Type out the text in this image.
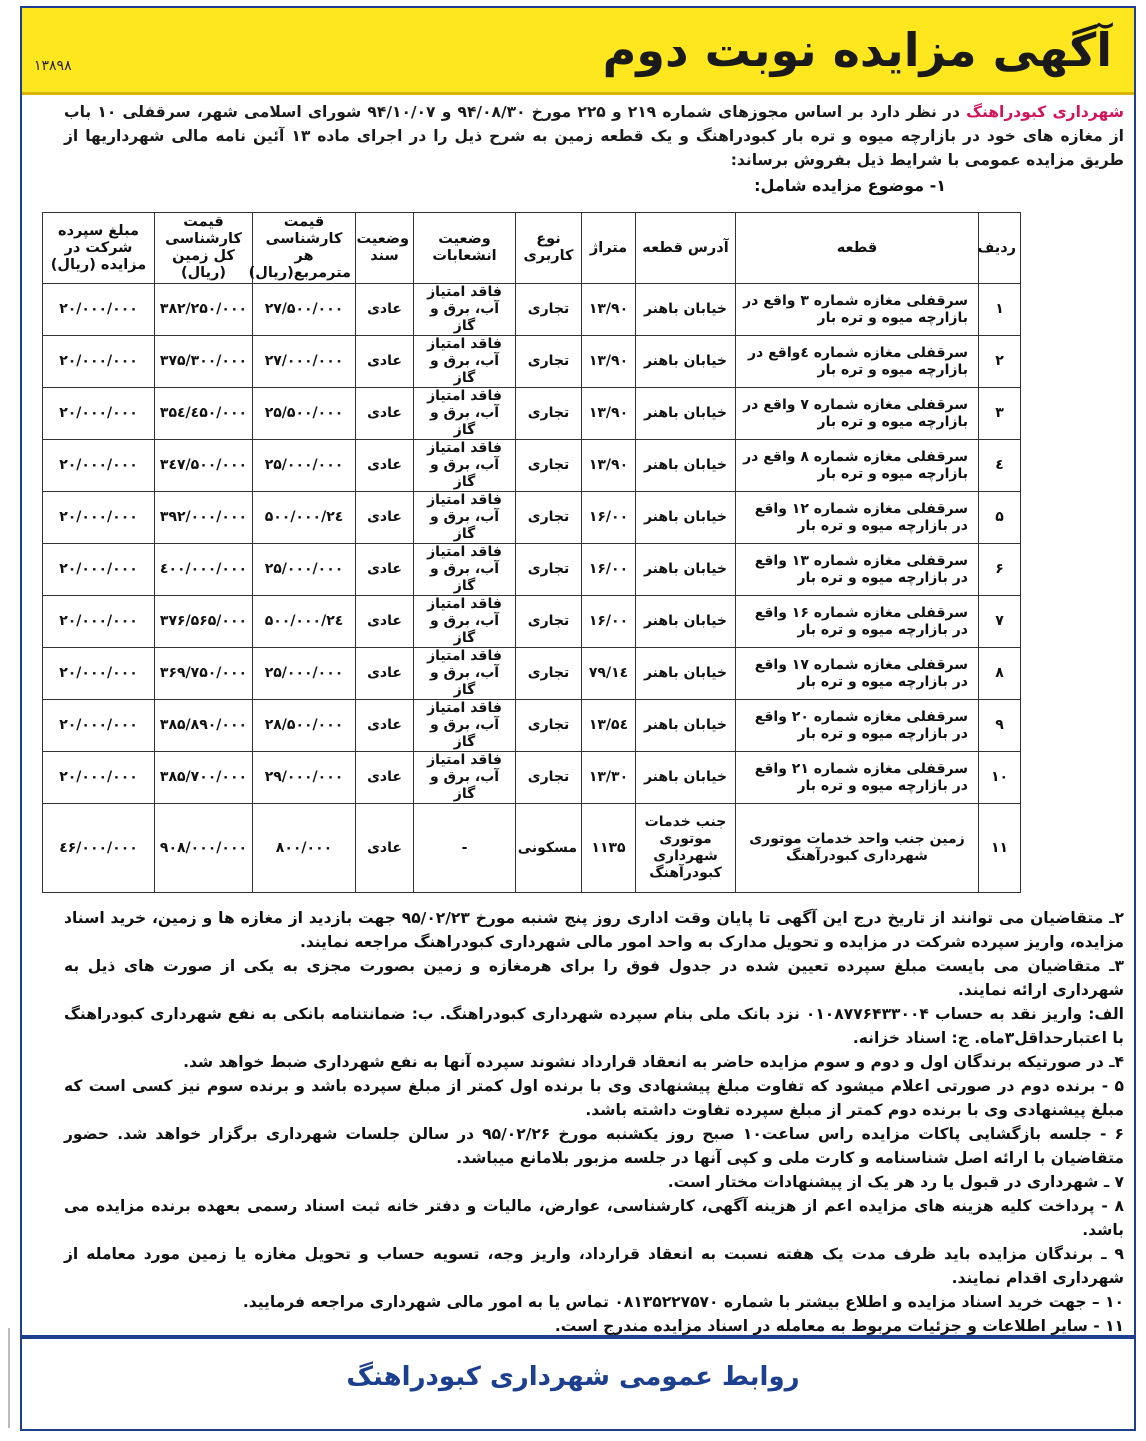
آگهی مزایده نوبت دوم
۱۳۸۹۸
شهرداری کبودراهنگ در نظر دارد بر اساس مجوزهای شماره ۲۱۹ و ۲۲۵ مورخ ۹۴/۰۸/۳۰ و ۹۴/۱۰/۰۷ شورای اسلامی شهر، سرقفلی ۱۰ باب از مغازه های خود در بازارچه میوه و تره بار کبودراهنگ و یک قطعه زمین به شرح ذیل را در اجرای ماده ۱۳ آئین نامه مالی شهرداریها از طریق مزایده عمومی با شرایط ذیل بفروش برساند:
۱- موضوع مزایده شامل:
ردیف	قطعه	آدرس قطعه	متراژ	نوع کاربری	وضعیت انشعابات	وضعیت سند	قیمت کارشناسی هر مترمربع(ریال)	قیمت کارشناسی کل زمین (ریال)	مبلغ سپرده شرکت در مزایده (ریال)
۱	سرقفلی مغازه شماره ۳ واقع در بازارچه میوه و تره بار	خیابان باهنر	۱۳/۹۰	تجاری	فاقد امتیاز آب، برق و گاز	عادی	۲۷/۵۰۰/۰۰۰	۳۸۲/۲۵۰/۰۰۰	۲۰/۰۰۰/۰۰۰
۲	سرقفلی مغازه شماره ٤واقع در بازارچه میوه و تره بار	خیابان باهنر	۱۳/۹۰	تجاری	فاقد امتیاز آب، برق و گاز	عادی	۲۷/۰۰۰/۰۰۰	۳۷۵/۳۰۰/۰۰۰	۲۰/۰۰۰/۰۰۰
۳	سرقفلی مغازه شماره ۷ واقع در بازارچه میوه و تره بار	خیابان باهنر	۱۳/۹۰	تجاری	فاقد امتیاز آب، برق و گاز	عادی	۲۵/۵۰۰/۰۰۰	۳۵٤/٤۵۰/۰۰۰	۲۰/۰۰۰/۰۰۰
٤	سرقفلی مغازه شماره ۸ واقع در بازارچه میوه و تره بار	خیابان باهنر	۱۳/۹۰	تجاری	فاقد امتیاز آب، برق و گاز	عادی	۲۵/۰۰۰/۰۰۰	۳٤۷/۵۰۰/۰۰۰	۲۰/۰۰۰/۰۰۰
۵	سرقفلی مغازه شماره ۱۲ واقع در بازارچه میوه و تره بار	خیابان باهنر	۱۶/۰۰	تجاری	فاقد امتیاز آب، برق و گاز	عادی	۲٤/۵۰۰/۰۰۰	۳۹۲/۰۰۰/۰۰۰	۲۰/۰۰۰/۰۰۰
۶	سرقفلی مغازه شماره ۱۳ واقع در بازارچه میوه و تره بار	خیابان باهنر	۱۶/۰۰	تجاری	فاقد امتیاز آب، برق و گاز	عادی	۲۵/۰۰۰/۰۰۰	٤۰۰/۰۰۰/۰۰۰	۲۰/۰۰۰/۰۰۰
۷	سرقفلی مغازه شماره ۱۶ واقع در بازارچه میوه و تره بار	خیابان باهنر	۱۶/۰۰	تجاری	فاقد امتیاز آب، برق و گاز	عادی	۲٤/۵۰۰/۰۰۰	۳۷۶/۵۶۵/۰۰۰	۲۰/۰۰۰/۰۰۰
۸	سرقفلی مغازه شماره ۱۷ واقع در بازارچه میوه و تره بار	خیابان باهنر	۱٤/۷۹	تجاری	فاقد امتیاز آب، برق و گاز	عادی	۲۵/۰۰۰/۰۰۰	۳۶۹/۷۵۰/۰۰۰	۲۰/۰۰۰/۰۰۰
۹	سرقفلی مغازه شماره ۲۰ واقع در بازارچه میوه و تره بار	خیابان باهنر	۱۳/۵٤	تجاری	فاقد امتیاز آب، برق و گاز	عادی	۲۸/۵۰۰/۰۰۰	۳۸۵/۸۹۰/۰۰۰	۲۰/۰۰۰/۰۰۰
۱۰	سرقفلی مغازه شماره ۲۱ واقع در بازارچه میوه و تره بار	خیابان باهنر	۱۳/۳۰	تجاری	فاقد امتیاز آب، برق و گاز	عادی	۲۹/۰۰۰/۰۰۰	۳۸۵/۷۰۰/۰۰۰	۲۰/۰۰۰/۰۰۰
۱۱	زمین جنب واحد خدمات موتوری شهرداری کبودرآهنگ	جنب خدمات موتوری شهرداری کبودرآهنگ	۱۱۳۵	مسکونی	-	عادی	۸۰۰/۰۰۰	۹۰۸/۰۰۰/۰۰۰	٤۶/۰۰۰/۰۰۰

۲ـ متقاضیان می توانند از تاریخ درج این آگهی تا پایان وقت اداری روز پنج شنبه مورخ ۹۵/۰۲/۲۳ جهت بازدید از مغازه ها و زمین، خرید اسناد مزایده، واریز سپرده شرکت در مزایده و تحویل مدارک به واحد امور مالی شهرداری کبودراهنگ مراجعه نمایند.

۳ـ متقاضیان می بایست مبلغ سپرده تعیین شده در جدول فوق را برای هرمغازه و زمین بصورت مجزی به یکی از صورت های ذیل به شهرداری ارائه نمایند.

الف: واریز نقد به حساب ۰۱۰۸۷۷۶۴۳۳۰۰۴ نزد بانک ملی بنام سپرده شهرداری کبودراهنگ. ب: ضمانتنامه بانکی به نفع شهرداری کبودراهنگ با اعتبارحداقل۳ماه. ج: اسناد خزانه.

۴ـ در صورتیکه برندگان اول و دوم و سوم مزایده حاضر به انعقاد قرارداد نشوند سپرده آنها به نفع شهرداری ضبط خواهد شد.

۵ - برنده دوم در صورتی اعلام میشود که تفاوت مبلغ پیشنهادی وی با برنده اول کمتر از مبلغ سپرده باشد و برنده سوم نیز کسی است که مبلغ پیشنهادی وی با برنده دوم کمتر از مبلغ سپرده تفاوت داشته باشد.

۶ - جلسه بازگشایی پاکات مزایده راس ساعت۱۰ صبح روز یکشنبه مورخ ۹۵/۰۲/۲۶ در سالن جلسات شهرداری برگزار خواهد شد. حضور متقاضیان با ارائه اصل شناسنامه و کارت ملی و کپی آنها در جلسه مزبور بلامانع میباشد.

۷ ـ شهرداری در قبول یا رد هر یک از پیشنهادات مختار است.

۸ - پرداخت کلیه هزینه های مزایده اعم از هزینه آگهی، کارشناسی، عوارض، مالیات و دفتر خانه ثبت اسناد رسمی بعهده برنده مزایده می باشد.

۹ ـ برندگان مزایده باید ظرف مدت یک هفته نسبت به انعقاد قرارداد، واریز وجه، تسویه حساب و تحویل مغازه یا زمین مورد معامله از شهرداری اقدام نمایند.

۱۰ – جهت خرید اسناد مزایده و اطلاع بیشتر با شماره ۰۸۱۳۵۲۲۷۵۷۰ تماس یا به امور مالی شهرداری مراجعه فرمایید.

۱۱ - سایر اطلاعات و جزئیات مربوط به معامله در اسناد مزایده مندرج است.

روابط عمومی شهرداری کبودراهنگ
